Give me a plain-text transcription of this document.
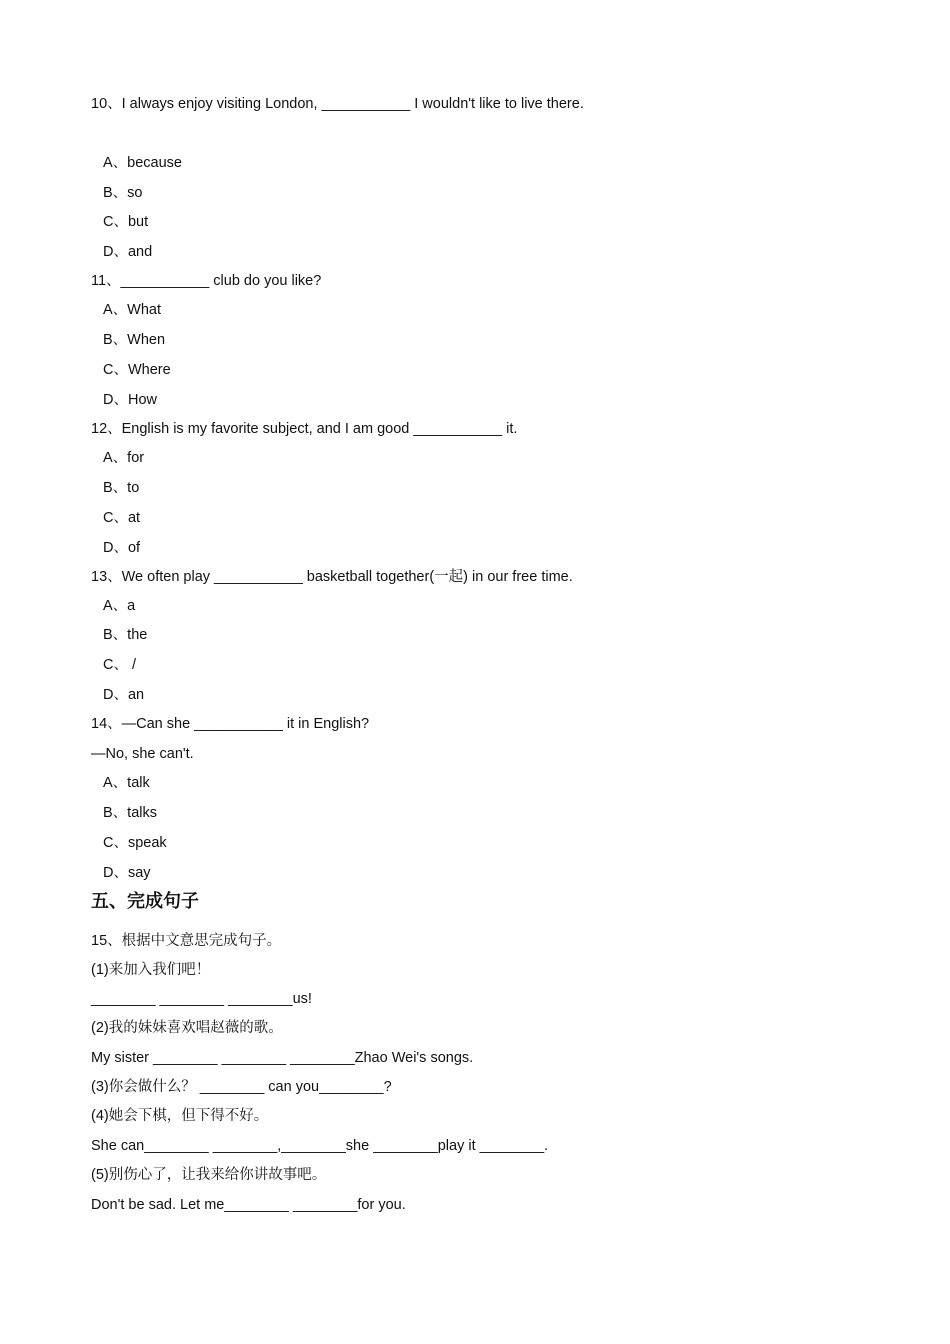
10、I always enjoy visiting London, ___________ I wouldn't like to live there.
A、because
B、so
C、but
D、and
11、___________ club do you like?
A、What
B、When
C、Where
D、How
12、English is my favorite subject, and I am good ___________ it.
A、for
B、to
C、at
D、of
13、We often play ___________ basketball together(一起) in our free time.
A、a
B、the
C、 /
D、an
14、—Can she ___________ it in English?
—No, she can't.
A、talk
B、talks
C、speak
D、say
五、完成句子
15、根据中文意思完成句子。
(1)来加入我们吧！
________ ________ ________us!
(2)我的妹妹喜欢唱赵薇的歌。
My sister ________ ________ ________Zhao Wei's songs.
(3)你会做什么？ ________ can you________?
(4)她会下棋，但下得不好。
She can________ ________,________she ________play it ________.
(5)别伤心了，让我来给你讲故事吧。
Don't be sad. Let me________ ________for you.
